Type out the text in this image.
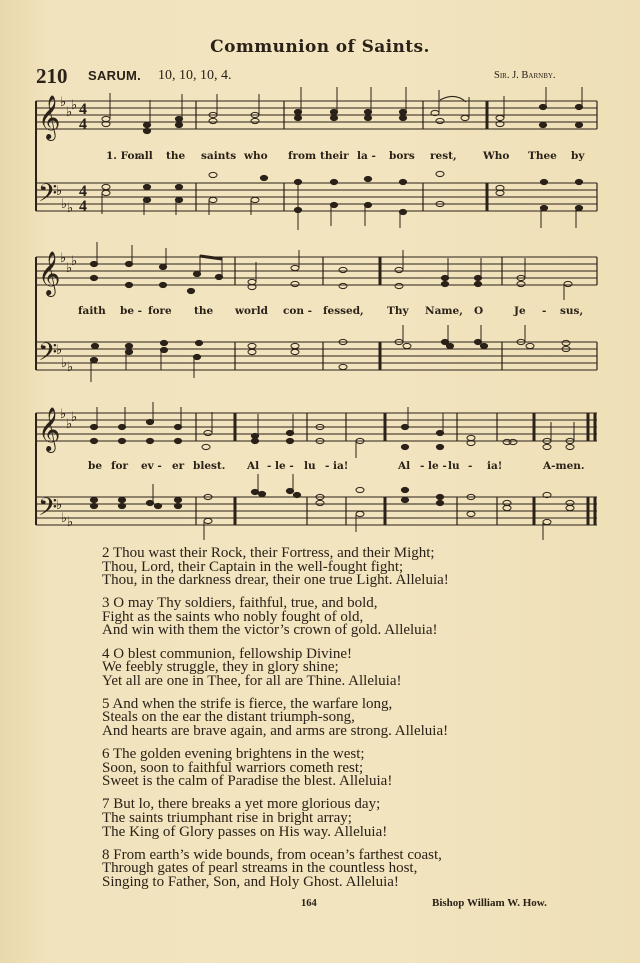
Communion of Saints.
210 SARUM. 10, 10, 10, 4.	Sir. J. Barnby.
𝄞
𝄞
𝄞
𝄢
𝄢
𝄢
♭
♭
♭
♭
♭ ♭
♭
♭
♭
♭
♭ ♭
♭
♭
♭
♭
♭ ♭
4
4
4
4
1. For
all the saints who from their la - bors rest,	Who Thee by
faith be - fore the world con - fessed, Thy Name, O	Je - sus,
be for ev - er blest. Al - le - lu - ia!	Al - le - lu - ia!	A-men.
2 Thou wast their Rock, their Fortress, and their Might;
Thou, Lord, their Captain in the well-fought fight;
Thou, in the darkness drear, their one true Light. Alleluia!
3 O may Thy soldiers, faithful, true, and bold,
Fight as the saints who nobly fought of old,
And win with them the victor’s crown of gold. Alleluia!
4 O blest communion, fellowship Divine!
We feebly struggle, they in glory shine;
Yet all are one in Thee, for all are Thine. Alleluia!
5 And when the strife is fierce, the warfare long,
Steals on the ear the distant triumph-song,
And hearts are brave again, and arms are strong. Alleluia!
6 The golden evening brightens in the west;
Soon, soon to faithful warriors cometh rest;
Sweet is the calm of Paradise the blest. Alleluia!
7 But lo, there breaks a yet more glorious day;
The saints triumphant rise in bright array;
The King of Glory passes on His way. Alleluia!
8 From earth’s wide bounds, from ocean’s farthest coast,
Through gates of pearl streams in the countless host,
Singing to Father, Son, and Holy Ghost. Alleluia!
164	Bishop William W. How.
